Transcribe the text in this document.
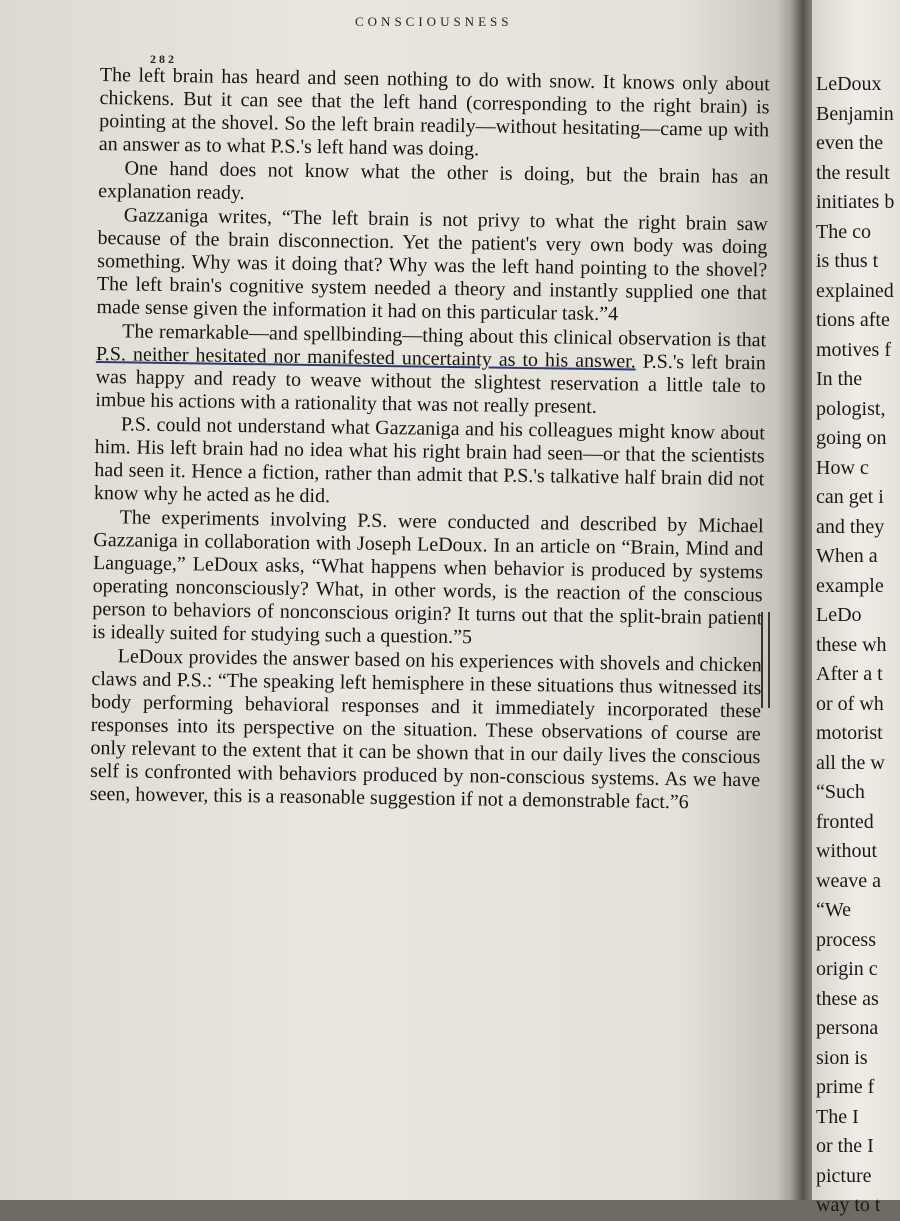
CONSCIOUSNESS
282

The left brain has heard and seen nothing to do with snow. It knows only about chickens. But it can see that the left hand (corresponding to the right brain) is pointing at the shovel. So the left brain readily—without hesitating—came up with an answer as to what P.S.'s left hand was doing.

One hand does not know what the other is doing, but the brain has an explanation ready.

Gazzaniga writes, “The left brain is not privy to what the right brain saw because of the brain disconnection. Yet the patient's very own body was doing something. Why was it doing that? Why was the left hand pointing to the shovel? The left brain's cognitive system needed a theory and instantly supplied one that made sense given the information it had on this particular task.”4

The remarkable—and spellbinding—thing about this clinical observation is that P.S. neither hesitated nor manifested uncertainty as to his answer. P.S.'s left brain was happy and ready to weave without the slightest reservation a little tale to imbue his actions with a rationality that was not really present.

P.S. could not understand what Gazzaniga and his colleagues might know about him. His left brain had no idea what his right brain had seen—or that the scientists had seen it. Hence a fiction, rather than admit that P.S.'s talkative half brain did not know why he acted as he did.

The experiments involving P.S. were conducted and described by Michael Gazzaniga in collaboration with Joseph LeDoux. In an article on “Brain, Mind and Language,” LeDoux asks, “What happens when behavior is produced by systems operating nonconsciously? What, in other words, is the reaction of the conscious person to behaviors of nonconscious origin? It turns out that the split-brain patient is ideally suited for studying such a question.”5

LeDoux provides the answer based on his experiences with shovels and chicken claws and P.S.: “The speaking left hemisphere in these situations thus witnessed its body performing behavioral responses and it immediately incorporated these responses into its perspective on the situation. These observations of course are only relevant to the extent that it can be shown that in our daily lives the conscious self is confronted with behaviors produced by non-conscious systems. As we have seen, however, this is a reasonable suggestion if not a demonstrable fact.”6

LeDoux

Benjamin

even the

the result

initiates b

The co

is thus t

explained

tions afte

motives f

In the

pologist,

going on

How c

can get i

and they

When a

example

LeDo

these wh

After a t

or of wh

motorist

all the w

“Such

fronted

without

weave a

“We

process

origin c

these as

persona

sion is

prime f

The I

or the I

picture

way to t
